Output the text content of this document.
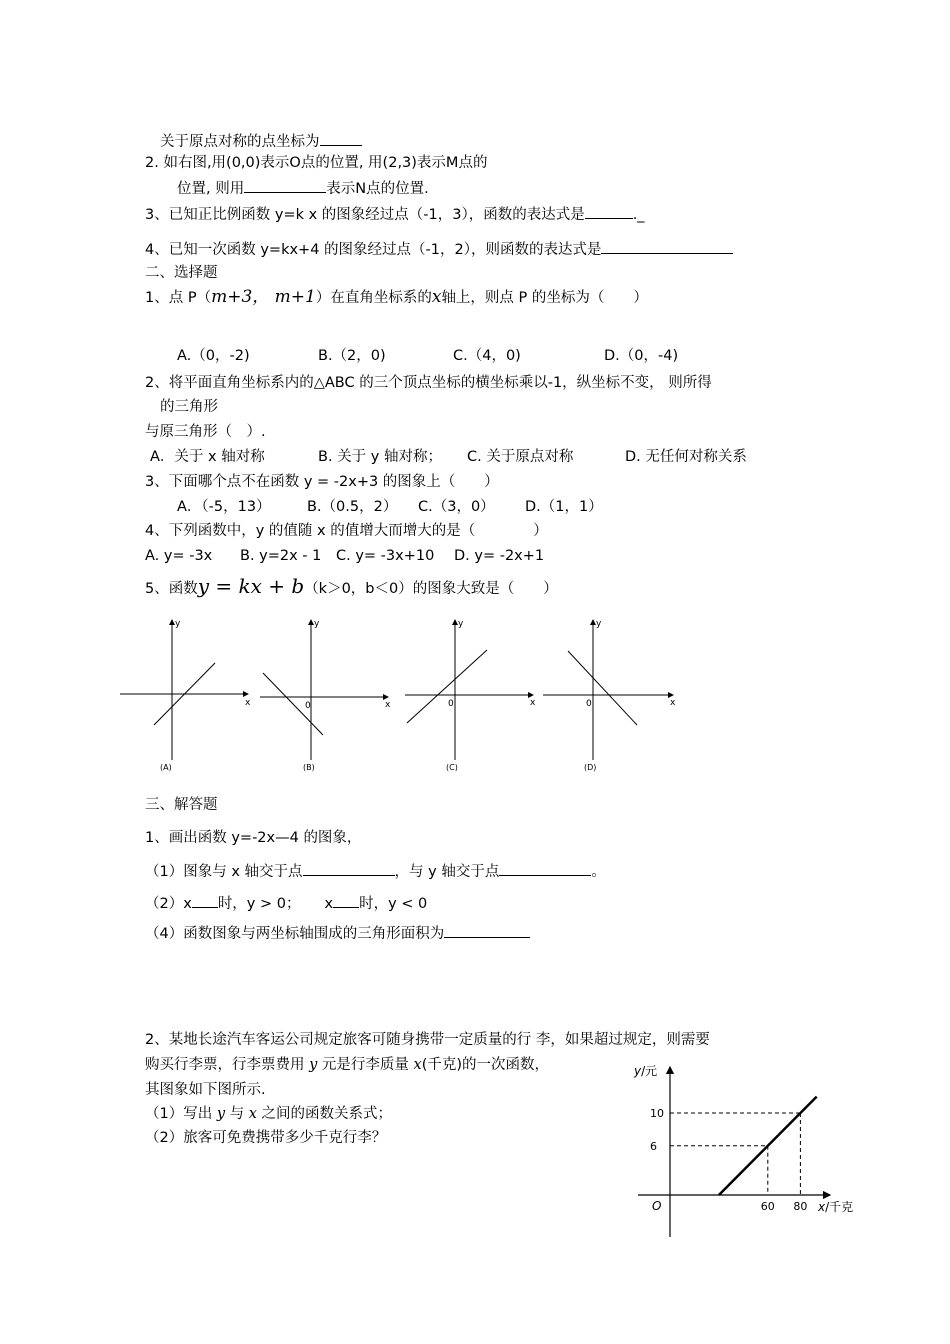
关于原点对称的点坐标为
2. 如右图,用(0,0)表示O点的位置, 用(2,3)表示M点的
位置, 则用	表示N点的位置.
3、已知正比例函数 y=k x 的图象经过点（-1，3），函数的表达式是	._
4、已知一次函数 y=kx+4 的图象经过点（-1，2），则函数的表达式是
二、选择题
1、点 P（m+3， m+1）在直角坐标系的x轴上，则点 P 的坐标为（　　）
A.（0，-2)	B.（2，0)	C.（4，0)	D.（0，-4)
2、将平面直角坐标系内的△ABC 的三个顶点坐标的横坐标乘以-1，纵坐标不变， 则所得
的三角形
与原三角形（　）.
A．关于 x 轴对称	B. 关于 y 轴对称； C. 关于原点对称	D. 无任何对称关系
3、下面哪个点不在函数 y = -2x+3 的图象上（　　）
A．（-5，13）	B.（0.5，2） C.（3，0） D.（1，1）
4、下列函数中，y 的值随 x 的值增大而增大的是（　　　　）
A. y= -3x B. y=2x - 1 C. y= -3x+10 D. y= -2x+1
5、函数y = kx + b（k＞0，b＜0）的图象大致是（　　）
y
x
(A)
y
x
0
(B)
y
x
0
(C)
y
x
0
(D)
三、解答题
1、画出函数 y=-2x—4 的图象，
（1）图象与 x 轴交于点	，与 y 轴交于点	。
（2）x 时，y > 0； x 时，y < 0
（4）函数图象与两坐标轴围成的三角形面积为
2、某地长途汽车客运公司规定旅客可随身携带一定质量的行 李，如果超过规定，则需要
购买行李票，行李票费用 y 元是行李质量 x(千克)的一次函数，
其图象如下图所示.
（1）写出 y 与 x 之间的函数关系式；
（2）旅客可免费携带多少千克行李？
60 80
10
6
y/元
x/千克
O
